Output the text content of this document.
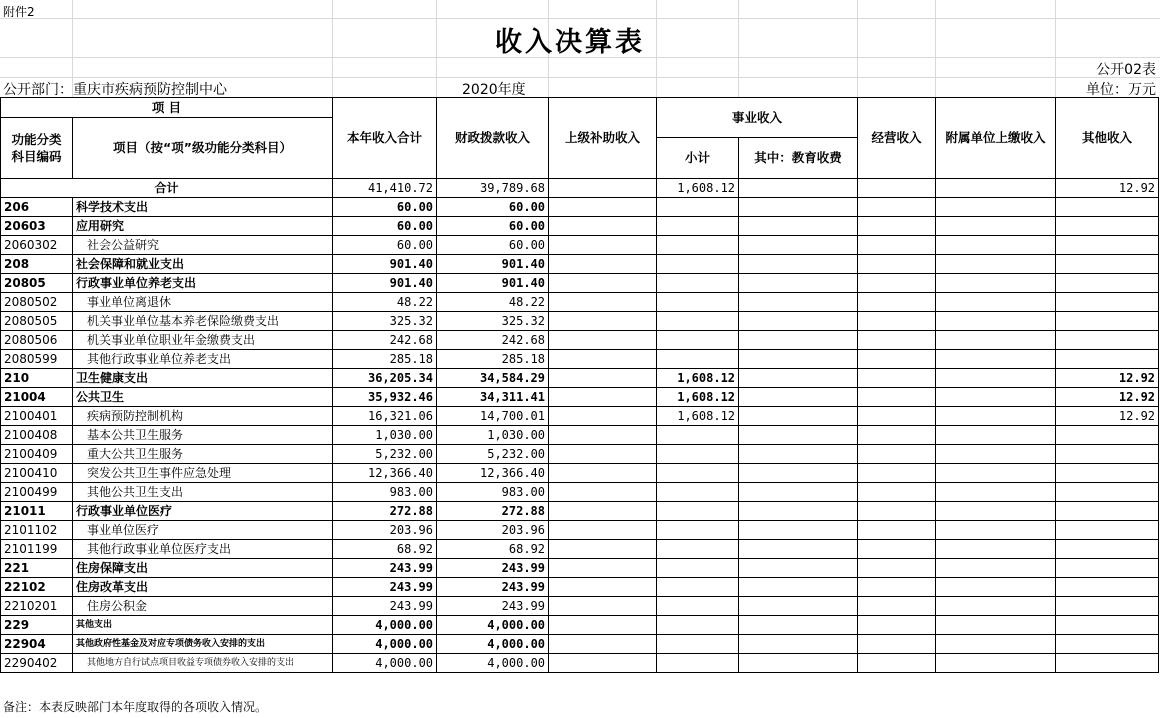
附件2
收入决算表
公开02表
公开部门：重庆市疾病预防控制中心	2020年度	单位：万元
项 目		本年收入合计	财政拨款收入	上级补助收入	事业收入		经营收入	附属单位上缴收入	其他收入
功能分类
科目编码	项目（按“项”级功能分类科目）								
					小计	其中：教育收费			
合计		41,410.72	39,789.68		1,608.12				12.92
206	科学技术支出	60.00	60.00						
20603	应用研究	60.00	60.00						
2060302	社会公益研究	60.00	60.00						
208	社会保障和就业支出	901.40	901.40						
20805	行政事业单位养老支出	901.40	901.40						
2080502	事业单位离退休	48.22	48.22						
2080505	机关事业单位基本养老保险缴费支出	325.32	325.32						
2080506	机关事业单位职业年金缴费支出	242.68	242.68						
2080599	其他行政事业单位养老支出	285.18	285.18						
210	卫生健康支出	36,205.34	34,584.29		1,608.12				12.92
21004	公共卫生	35,932.46	34,311.41		1,608.12				12.92
2100401	疾病预防控制机构	16,321.06	14,700.01		1,608.12				12.92
2100408	基本公共卫生服务	1,030.00	1,030.00						
2100409	重大公共卫生服务	5,232.00	5,232.00						
2100410	突发公共卫生事件应急处理	12,366.40	12,366.40						
2100499	其他公共卫生支出	983.00	983.00						
21011	行政事业单位医疗	272.88	272.88						
2101102	事业单位医疗	203.96	203.96						
2101199	其他行政事业单位医疗支出	68.92	68.92						
221	住房保障支出	243.99	243.99						
22102	住房改革支出	243.99	243.99						
2210201	住房公积金	243.99	243.99						
229	其他支出	4,000.00	4,000.00						
22904	其他政府性基金及对应专项债务收入安排的支出	4,000.00	4,000.00						
2290402	其他地方自行试点项目收益专项债券收入安排的支出	4,000.00	4,000.00						
备注：本表反映部门本年度取得的各项收入情况。
